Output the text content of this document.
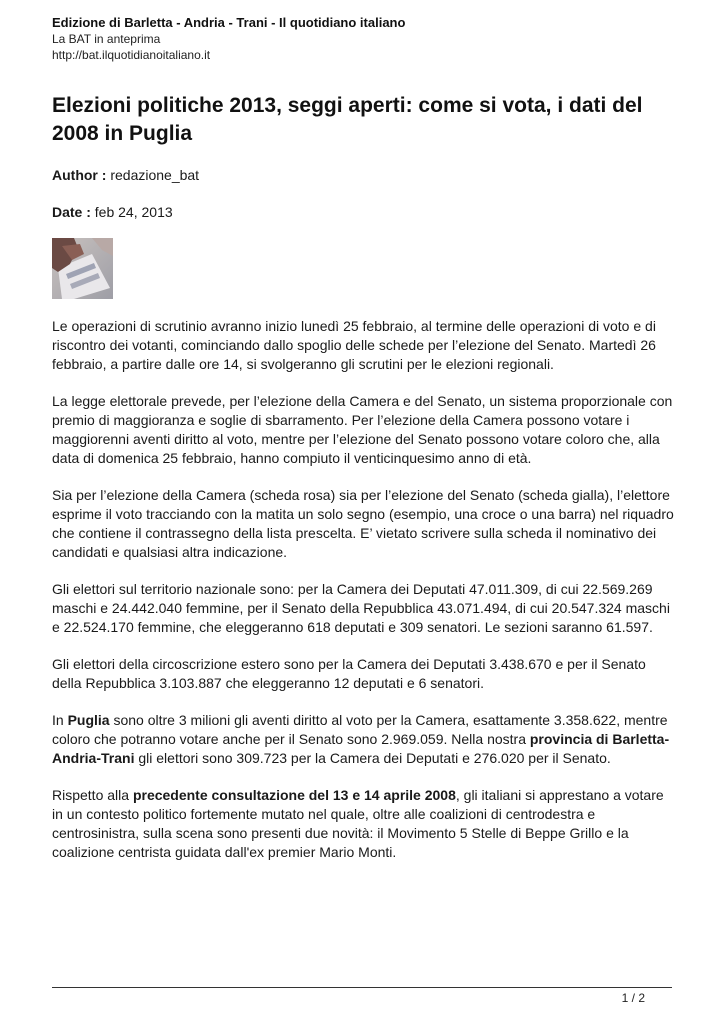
Edizione di Barletta - Andria - Trani - Il quotidiano italiano
La BAT in anteprima
http://bat.ilquotidianoitaliano.it
Elezioni politiche 2013, seggi aperti: come si vota, i dati del 2008 in Puglia
Author : redazione_bat
Date : feb 24, 2013

Le operazioni di scrutinio avranno inizio lunedì 25 febbraio, al termine delle operazioni di voto e di riscontro dei votanti, cominciando dallo spoglio delle schede per l’elezione del Senato. Martedì 26 febbraio, a partire dalle ore 14, si svolgeranno gli scrutini per le elezioni regionali.

La legge elettorale prevede, per l’elezione della Camera e del Senato, un sistema proporzionale con premio di maggioranza e soglie di sbarramento. Per l’elezione della Camera possono votare i maggiorenni aventi diritto al voto, mentre per l’elezione del Senato possono votare coloro che, alla data di domenica 25 febbraio, hanno compiuto il venticinquesimo anno di età.

Sia per l’elezione della Camera (scheda rosa) sia per l’elezione del Senato (scheda gialla), l’elettore esprime il voto tracciando con la matita un solo segno (esempio, una croce o una barra) nel riquadro che contiene il contrassegno della lista prescelta. E’ vietato scrivere sulla scheda il nominativo dei candidati e qualsiasi altra indicazione.

Gli elettori sul territorio nazionale sono: per la Camera dei Deputati 47.011.309, di cui 22.569.269 maschi e 24.442.040 femmine, per il Senato della Repubblica 43.071.494, di cui 20.547.324 maschi e 22.524.170 femmine, che eleggeranno 618 deputati e 309 senatori. Le sezioni saranno 61.597.

Gli elettori della circoscrizione estero sono per la Camera dei Deputati 3.438.670 e per il Senato della Repubblica 3.103.887 che eleggeranno 12 deputati e 6 senatori.

In Puglia sono oltre 3 milioni gli aventi diritto al voto per la Camera, esattamente 3.358.622, mentre coloro che potranno votare anche per il Senato sono 2.969.059. Nella nostra provincia di Barletta-Andria-Trani gli elettori sono 309.723 per la Camera dei Deputati e 276.020 per il Senato.

Rispetto alla precedente consultazione del 13 e 14 aprile 2008, gli italiani si apprestano a votare in un contesto politico fortemente mutato nel quale, oltre alle coalizioni di centrodestra e centrosinistra, sulla scena sono presenti due novità: il Movimento 5 Stelle di Beppe Grillo e la coalizione centrista guidata dall'ex premier Mario Monti.

1 / 2
